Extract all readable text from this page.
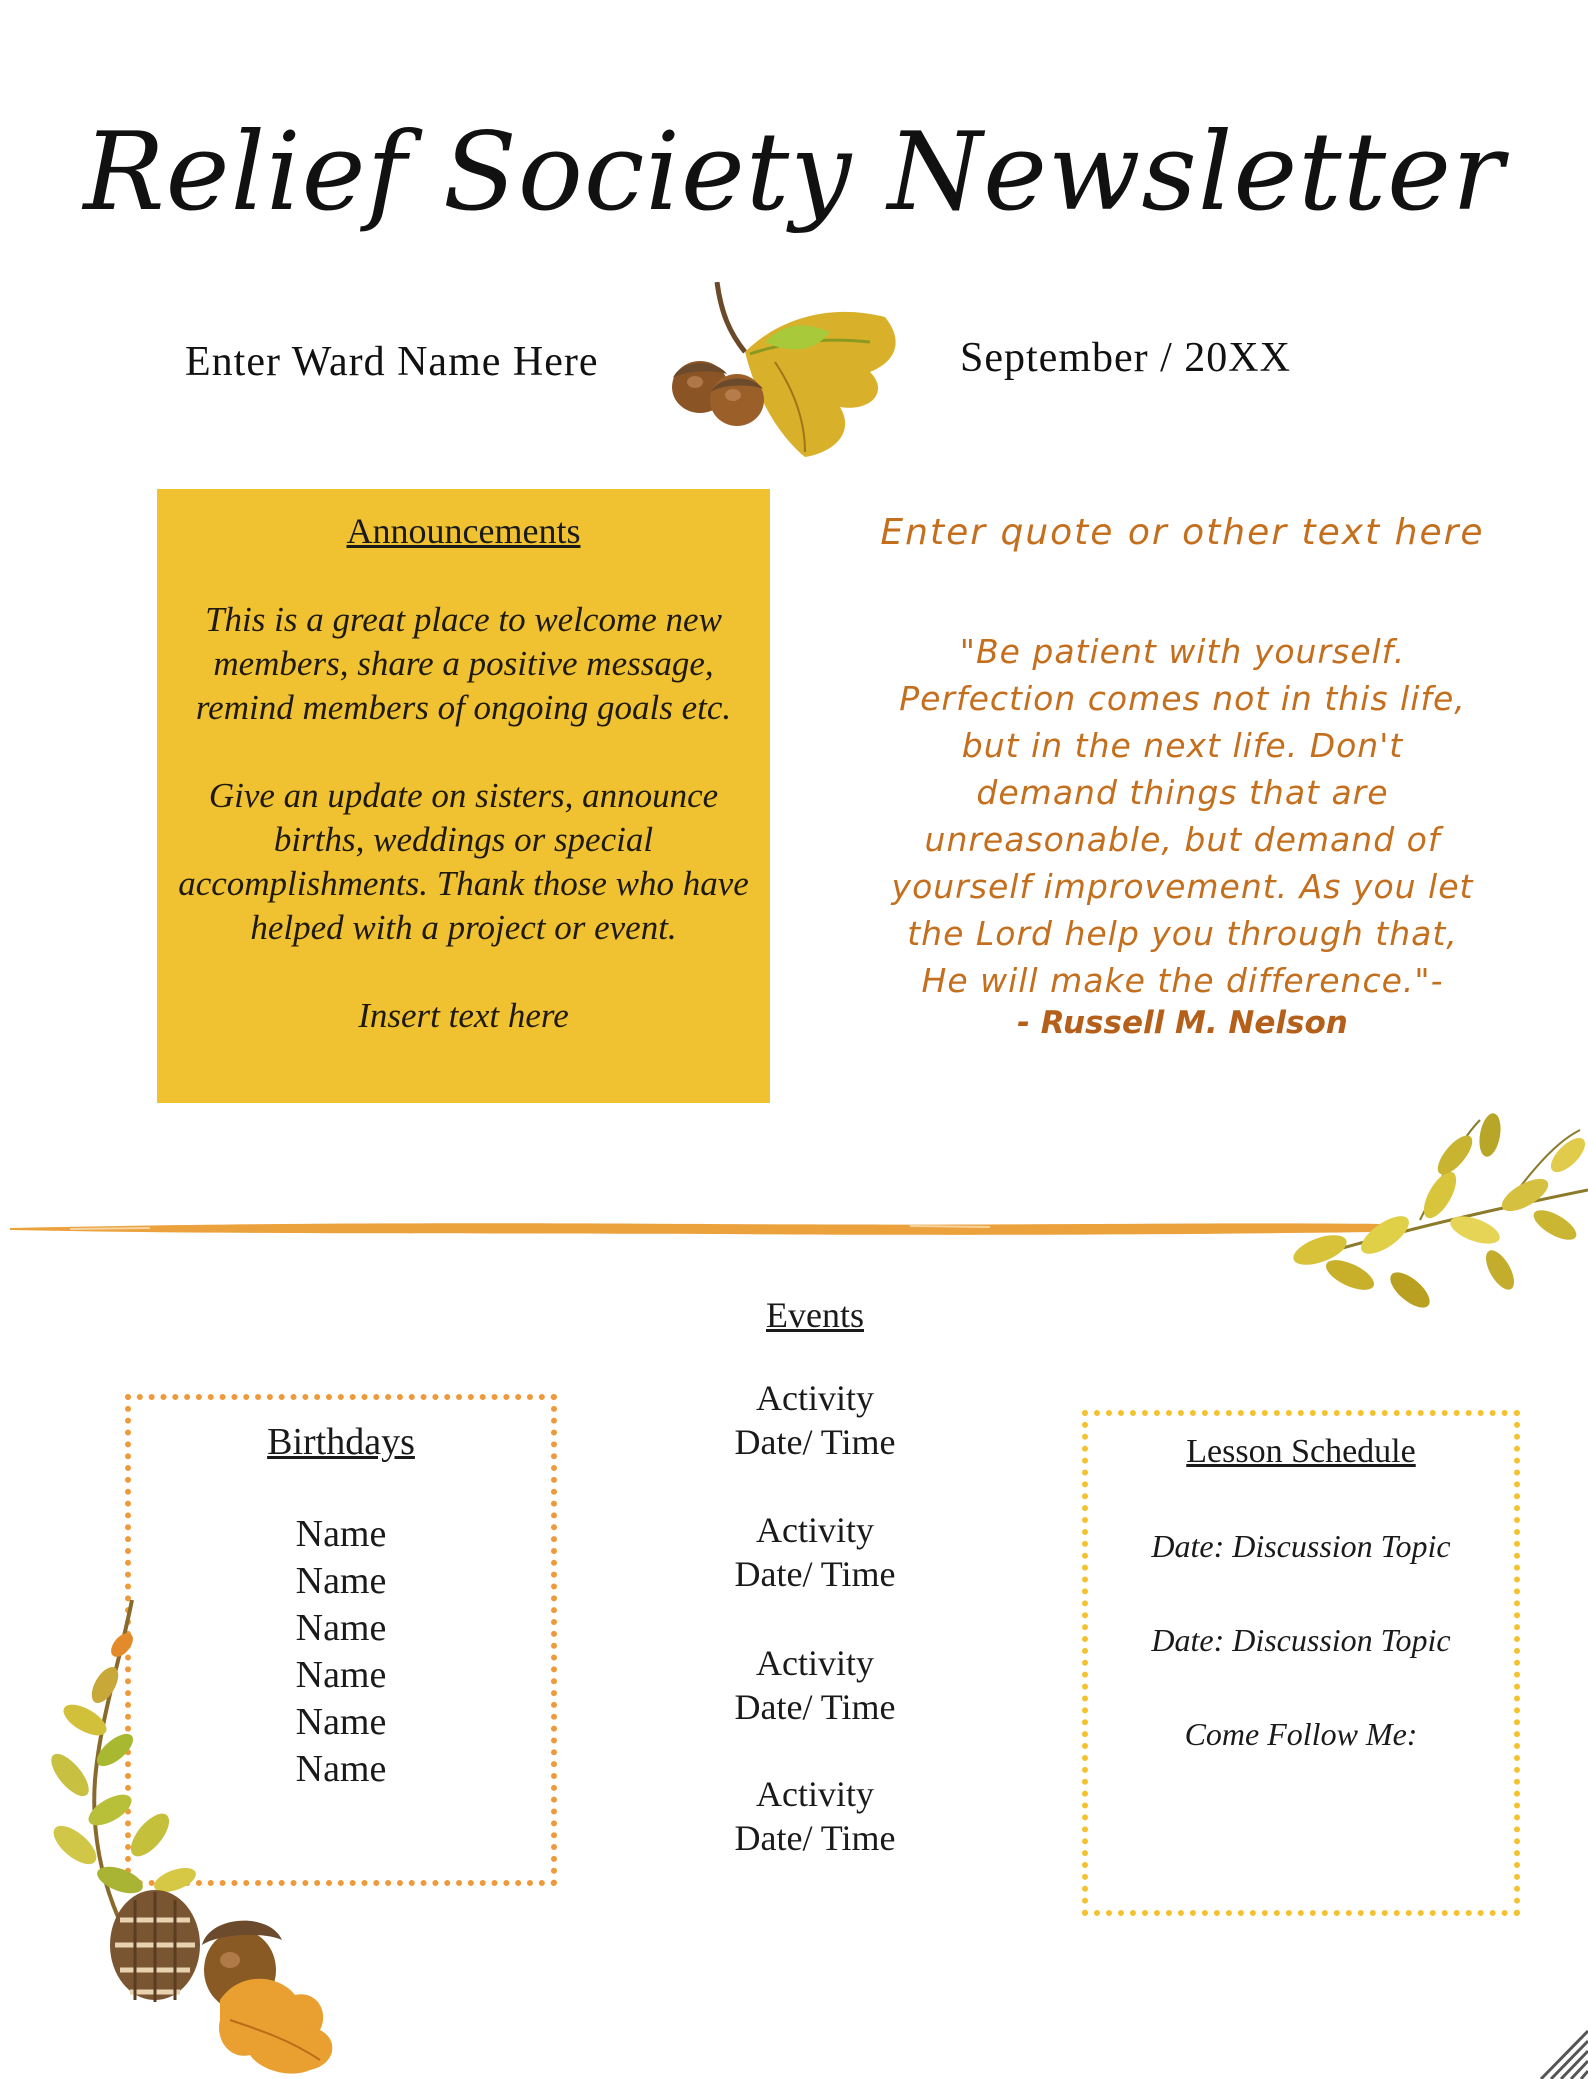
Relief Society Newsletter
Enter Ward Name Here	September / 20XX
Announcements
This is a great place to welcome new members, share a positive message, remind members of ongoing goals etc.
Give an update on sisters, announce births, weddings or special accomplishments. Thank those who have helped with a project or event.
Insert text here
Enter quote or other text here
"Be patient with yourself.
Perfection comes not in this life,
but in the next life. Don't
demand things that are
unreasonable, but demand of
yourself improvement. As you let
the Lord help you through that,
He will make the difference."-
- Russell M. Nelson
Events
Activity
Date/ Time
Activity
Date/ Time
Activity
Date/ Time
Activity
Date/ Time
Birthdays
Name
Name
Name
Name
Name
Name
Lesson Schedule
Date: Discussion Topic
Date: Discussion Topic
Come Follow Me:
